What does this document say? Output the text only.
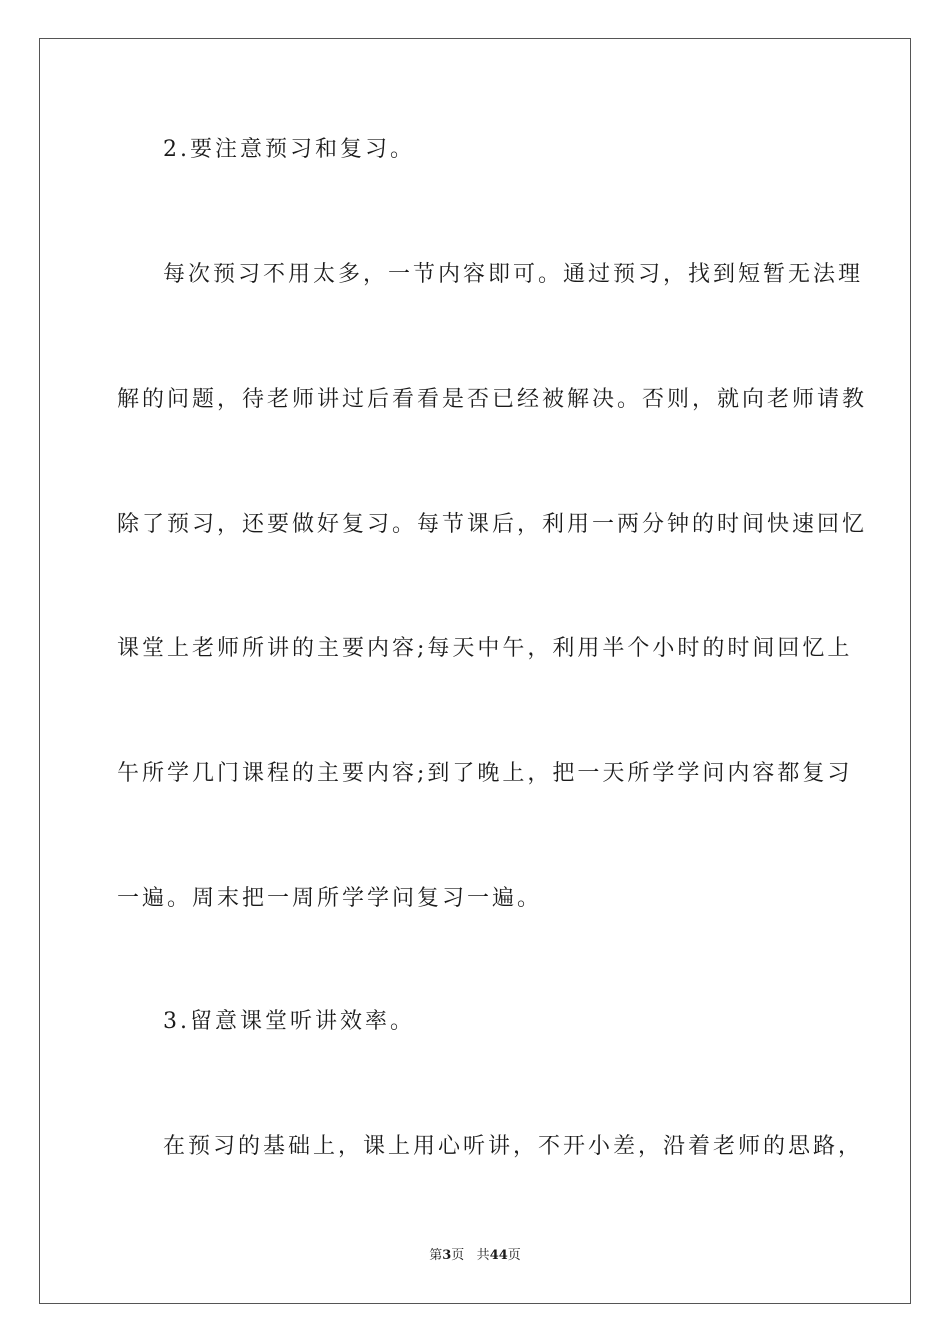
2.要注意预习和复习。
每次预习不用太多，一节内容即可。通过预习，找到短暂无法理
解的问题，待老师讲过后看看是否已经被解决。否则，就向老师请教
除了预习，还要做好复习。每节课后，利用一两分钟的时间快速回忆
课堂上老师所讲的主要内容;每天中午，利用半个小时的时间回忆上
午所学几门课程的主要内容;到了晚上，把一天所学学问内容都复习
一遍。周末把一周所学学问复习一遍。
3.留意课堂听讲效率。
在预习的基础上，课上用心听讲，不开小差，沿着老师的思路，
第3页 共44页
